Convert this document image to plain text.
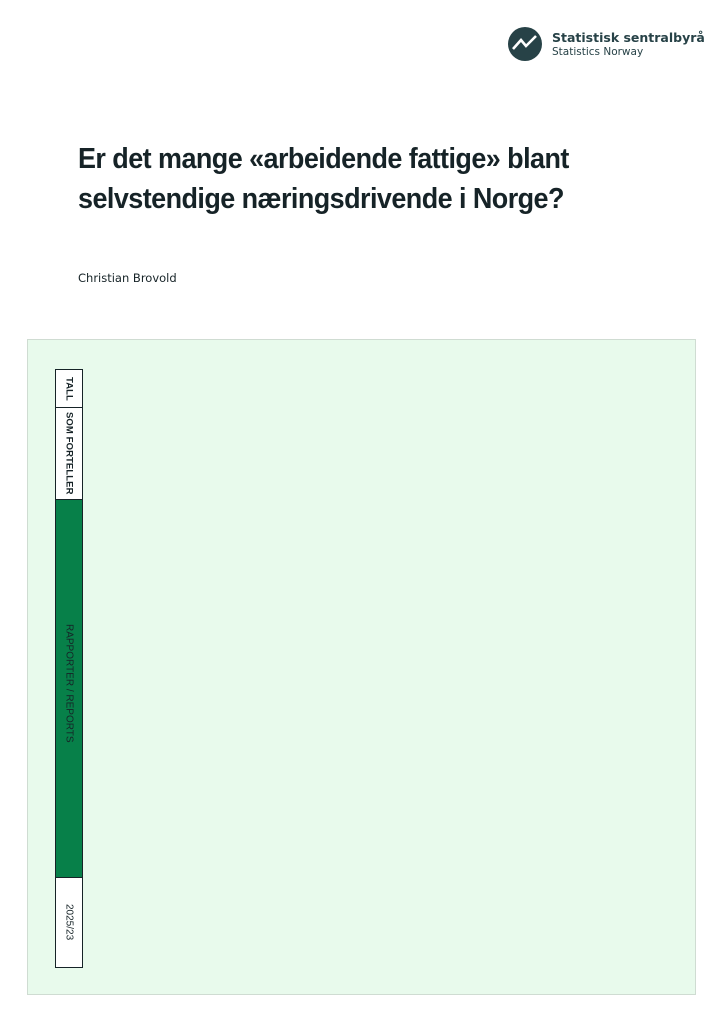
Statistisk sentralbyrå
Statistics Norway
Er det mange «arbeidende fattige» blant
selvstendige næringsdrivende i Norge?
Christian Brovold
TALL
SOM FORTELLER
RAPPORTER / REPORTS
2025/23
